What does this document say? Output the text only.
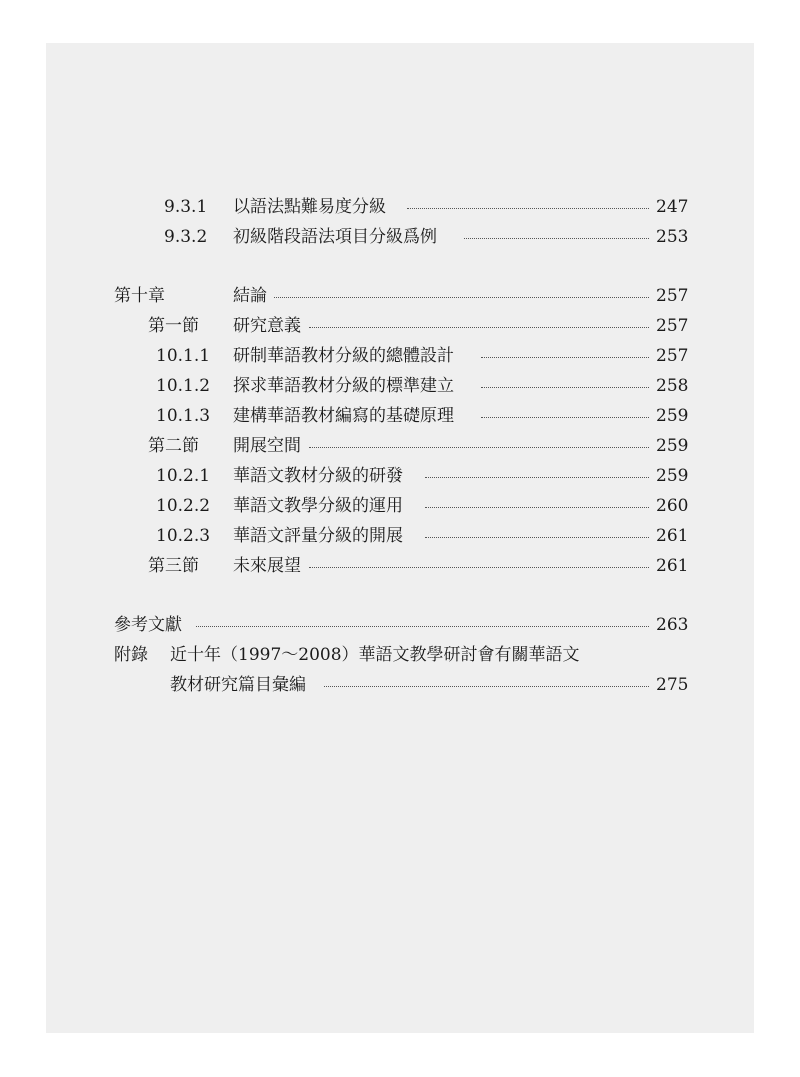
9.3.1 以語法點難易度分級	247
9.3.2 初級階段語法項目分級爲例	253
第十章	結論	257
第一節 研究意義	257
10.1.1 研制華語教材分級的總體設計	257
10.1.2 探求華語教材分級的標準建立	258
10.1.3 建構華語教材編寫的基礎原理	259
第二節 開展空間	259
10.2.1 華語文教材分級的研發	259
10.2.2 華語文教學分級的運用	260
10.2.3 華語文評量分級的開展	261
第三節 未來展望	261
參考文獻	263
附錄 近十年（1997～2008）華語文教學研討會有關華語文
教材研究篇目彙編	275
